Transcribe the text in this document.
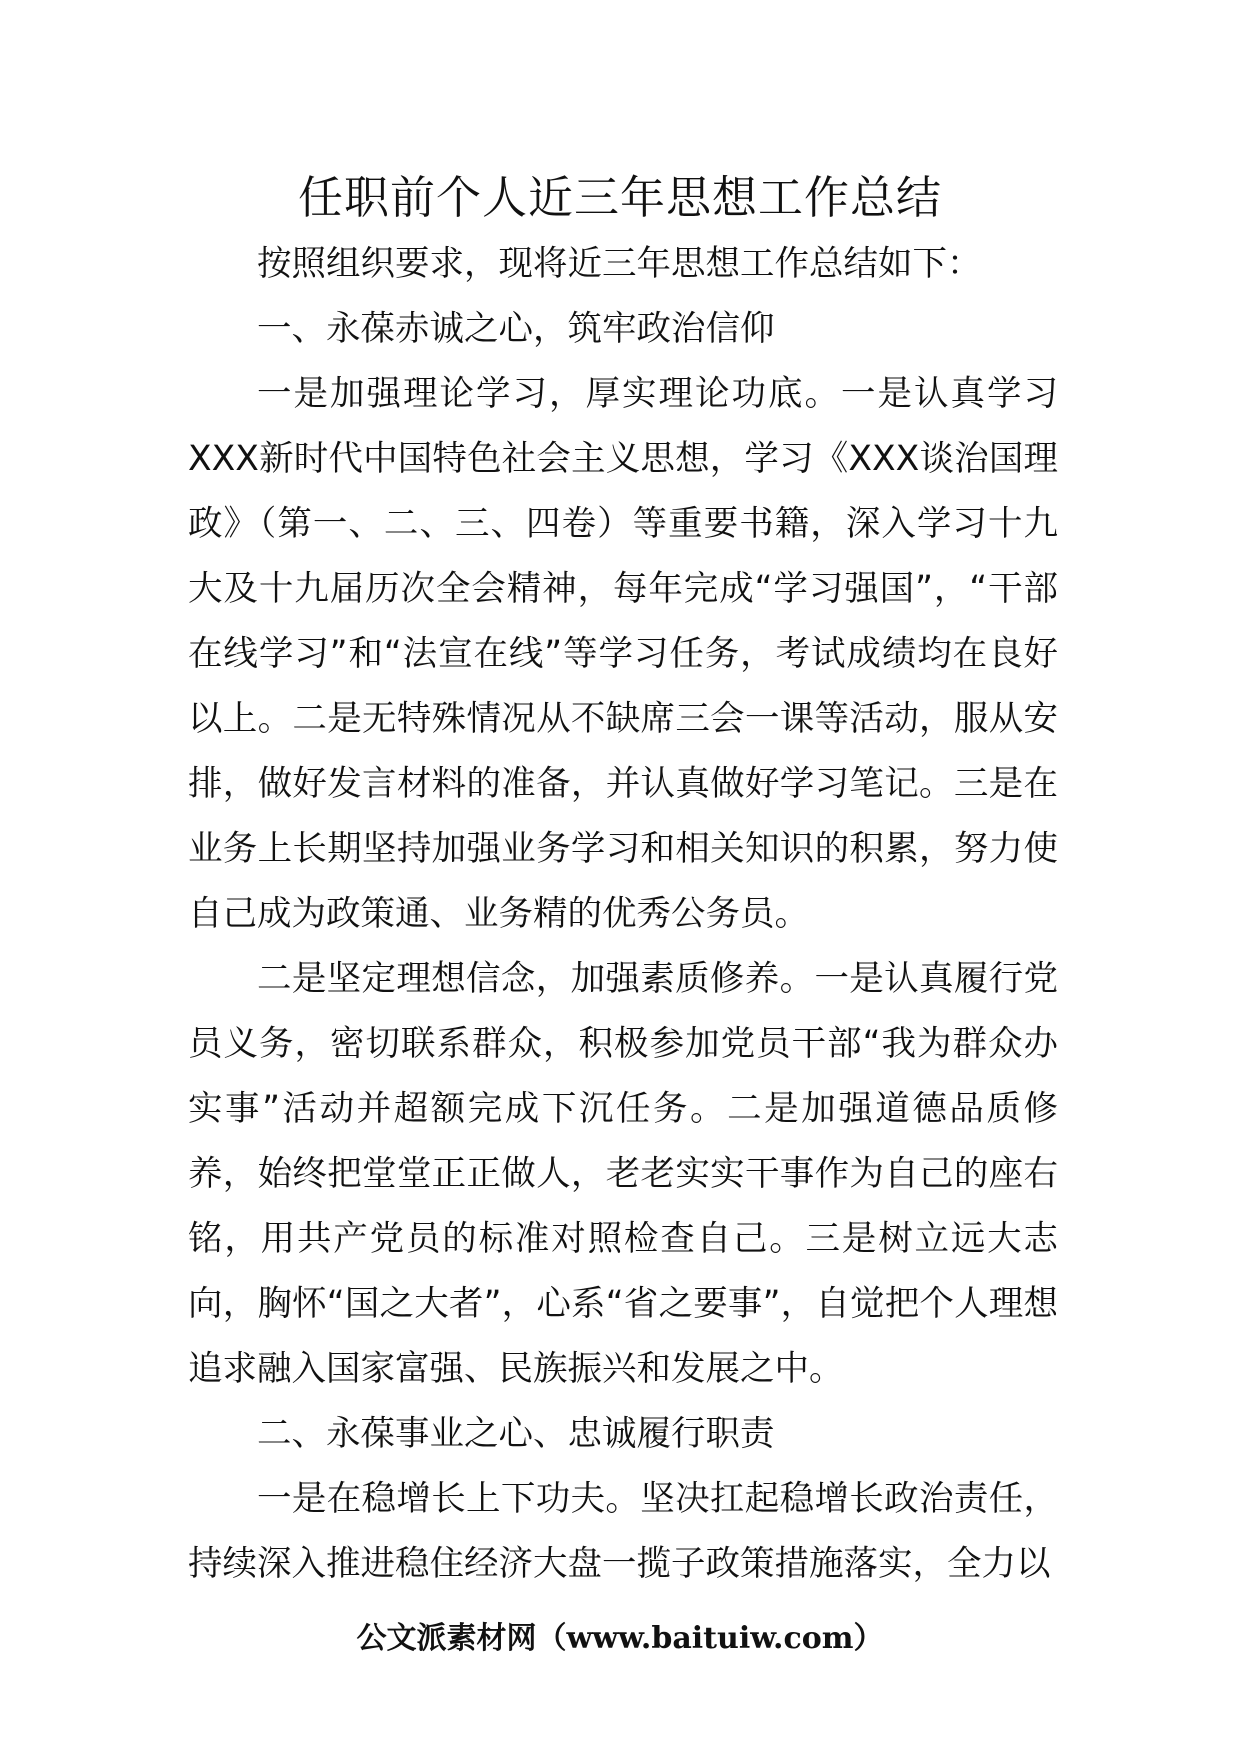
任职前个人近三年思想工作总结

按照组织要求，现将近三年思想工作总结如下：

一、永葆赤诚之心，筑牢政治信仰

一是加强理论学习，厚实理论功底。一是认真学习XXX新时代中国特色社会主义思想，学习《XXX谈治国理政》（第一、二、三、四卷）等重要书籍，深入学习十九大及十九届历次全会精神，每年完成“学习强国”，“干部在线学习”和“法宣在线”等学习任务，考试成绩均在良好以上。二是无特殊情况从不缺席三会一课等活动，服从安排，做好发言材料的准备，并认真做好学习笔记。三是在业务上长期坚持加强业务学习和相关知识的积累，努力使自己成为政策通、业务精的优秀公务员。

二是坚定理想信念，加强素质修养。一是认真履行党员义务，密切联系群众，积极参加党员干部“我为群众办实事”活动并超额完成下沉任务。二是加强道德品质修养，始终把堂堂正正做人，老老实实干事作为自己的座右铭，用共产党员的标准对照检查自己。三是树立远大志向，胸怀“国之大者”，心系“省之要事”，自觉把个人理想追求融入国家富强、民族振兴和发展之中。

二、永葆事业之心、忠诚履行职责

一是在稳增长上下功夫。坚决扛起稳增长政治责任，持续深入推进稳住经济大盘一揽子政策措施落实，全力以

公文派素材网（www.baituiw.com）
